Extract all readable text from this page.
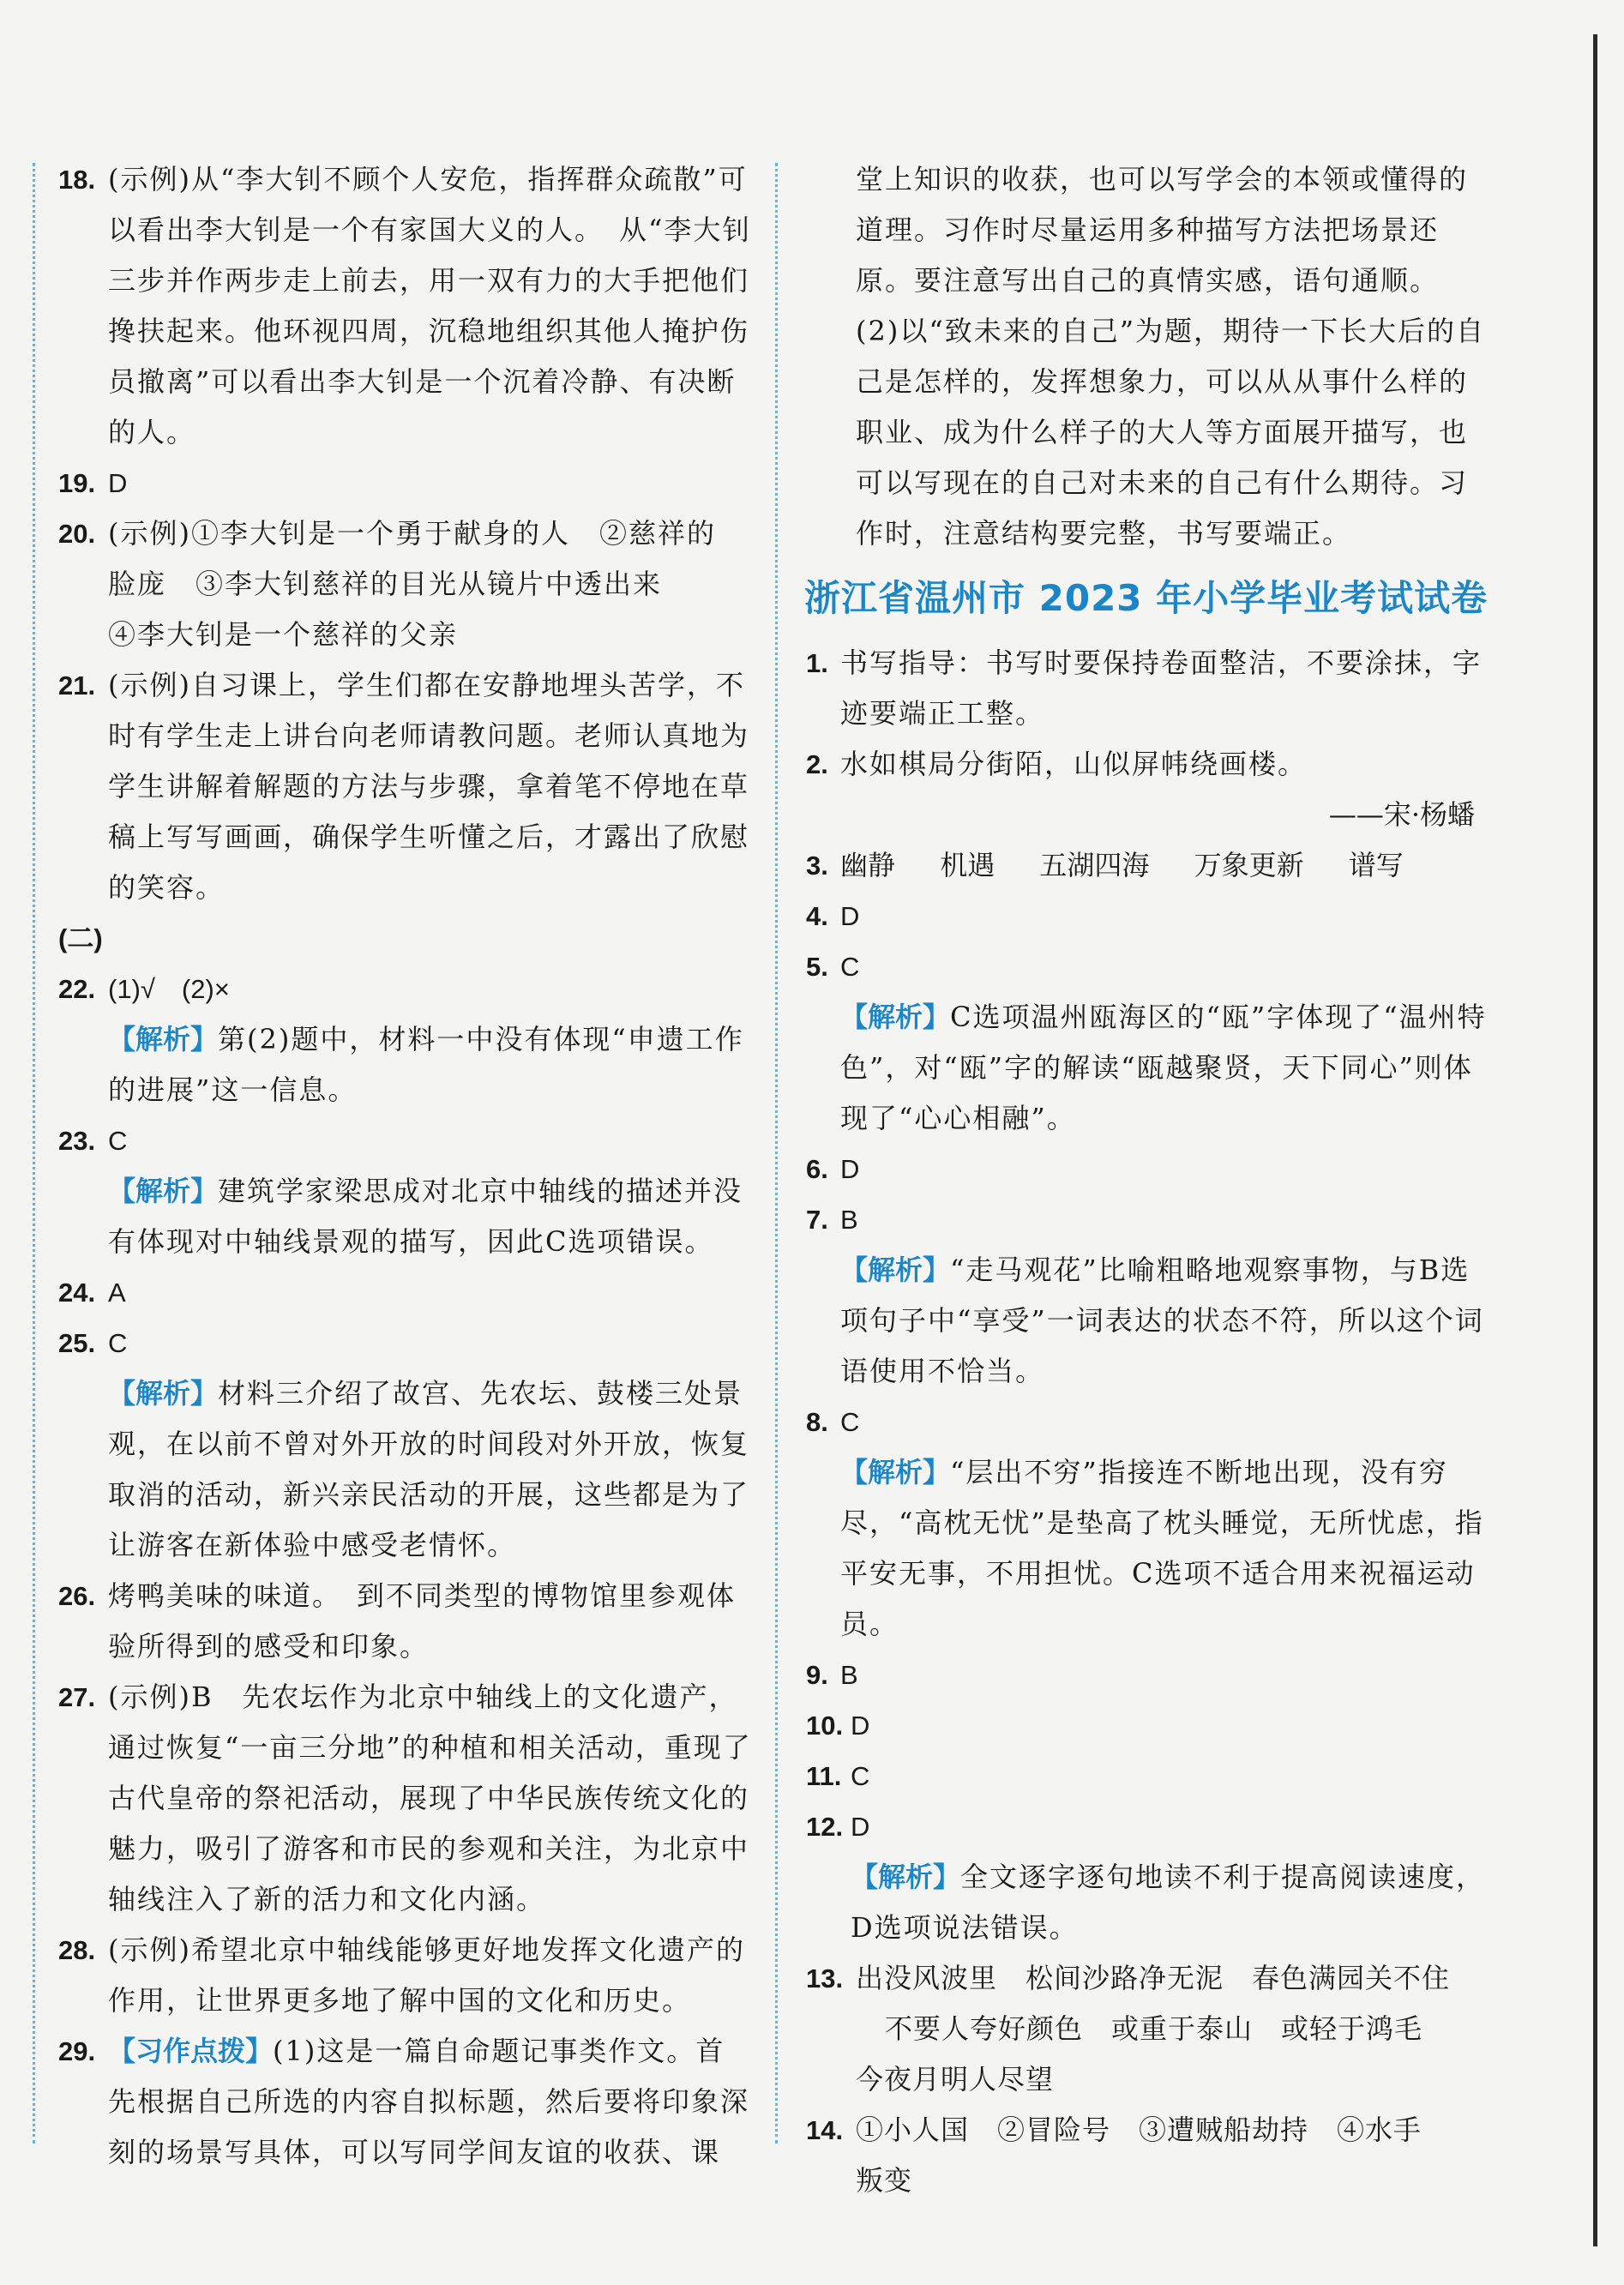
18. (示例)从“李大钊不顾个人安危，指挥群众疏散”可以看出李大钊是一个有家国大义的人。　从“李大钊三步并作两步走上前去，用一双有力的大手把他们搀扶起来。他环视四周，沉稳地组织其他人掩护伤员撤离”可以看出李大钊是一个沉着冷静、有决断的人。
19. D
20. (示例)①李大钊是一个勇于献身的人　②慈祥的
脸庞　③李大钊慈祥的目光从镜片中透出来
④李大钊是一个慈祥的父亲
21. (示例)自习课上，学生们都在安静地埋头苦学，不时有学生走上讲台向老师请教问题。老师认真地为学生讲解着解题的方法与步骤，拿着笔不停地在草稿上写写画画，确保学生听懂之后，才露出了欣慰的笑容。
(二)
22. (1)√　(2)×
【解析】第(2)题中，材料一中没有体现“申遗工作的进展”这一信息。
23. C
【解析】建筑学家梁思成对北京中轴线的描述并没有体现对中轴线景观的描写，因此C选项错误。
24. A
25. C
【解析】材料三介绍了故宫、先农坛、鼓楼三处景观，在以前不曾对外开放的时间段对外开放，恢复取消的活动，新兴亲民活动的开展，这些都是为了让游客在新体验中感受老情怀。
26. 烤鸭美味的味道。　到不同类型的博物馆里参观体验所得到的感受和印象。
27. (示例)B　先农坛作为北京中轴线上的文化遗产，通过恢复“一亩三分地”的种植和相关活动，重现了古代皇帝的祭祀活动，展现了中华民族传统文化的魅力，吸引了游客和市民的参观和关注，为北京中轴线注入了新的活力和文化内涵。
28. (示例)希望北京中轴线能够更好地发挥文化遗产的作用，让世界更多地了解中国的文化和历史。
29. 【习作点拨】(1)这是一篇自命题记事类作文。首先根据自己所选的内容自拟标题，然后要将印象深刻的场景写具体，可以写同学间友谊的收获、课
堂上知识的收获，也可以写学会的本领或懂得的道理。习作时尽量运用多种描写方法把场景还原。要注意写出自己的真情实感，语句通顺。
(2)以“致未来的自己”为题，期待一下长大后的自己是怎样的，发挥想象力，可以从从事什么样的职业、成为什么样子的大人等方面展开描写，也可以写现在的自己对未来的自己有什么期待。习作时，注意结构要完整，书写要端正。
浙江省温州市 2023 年小学毕业考试试卷
1. 书写指导：书写时要保持卷面整洁，不要涂抹，字迹要端正工整。
2. 水如棋局分街陌，山似屏帏绕画楼。
——宋·杨蟠
3. 幽静 机遇 五湖四海 万象更新 谱写
4. D
5. C
【解析】C选项温州瓯海区的“瓯”字体现了“温州特色”，对“瓯”字的解读“瓯越聚贤，天下同心”则体现了“心心相融”。
6. D
7. B
【解析】“走马观花”比喻粗略地观察事物，与B选项句子中“享受”一词表达的状态不符，所以这个词语使用不恰当。
8. C
【解析】“层出不穷”指接连不断地出现，没有穷尽，“高枕无忧”是垫高了枕头睡觉，无所忧虑，指平安无事，不用担忧。C选项不适合用来祝福运动员。
9. B
10. D
11. C
12. D
【解析】全文逐字逐句地读不利于提高阅读速度，D选项说法错误。
13. 出没风波里　松间沙路净无泥　春色满园关不住
不要人夸好颜色　或重于泰山　或轻于鸿毛
今夜月明人尽望
14. ①小人国　②冒险号　③遭贼船劫持　④水手
叛变
